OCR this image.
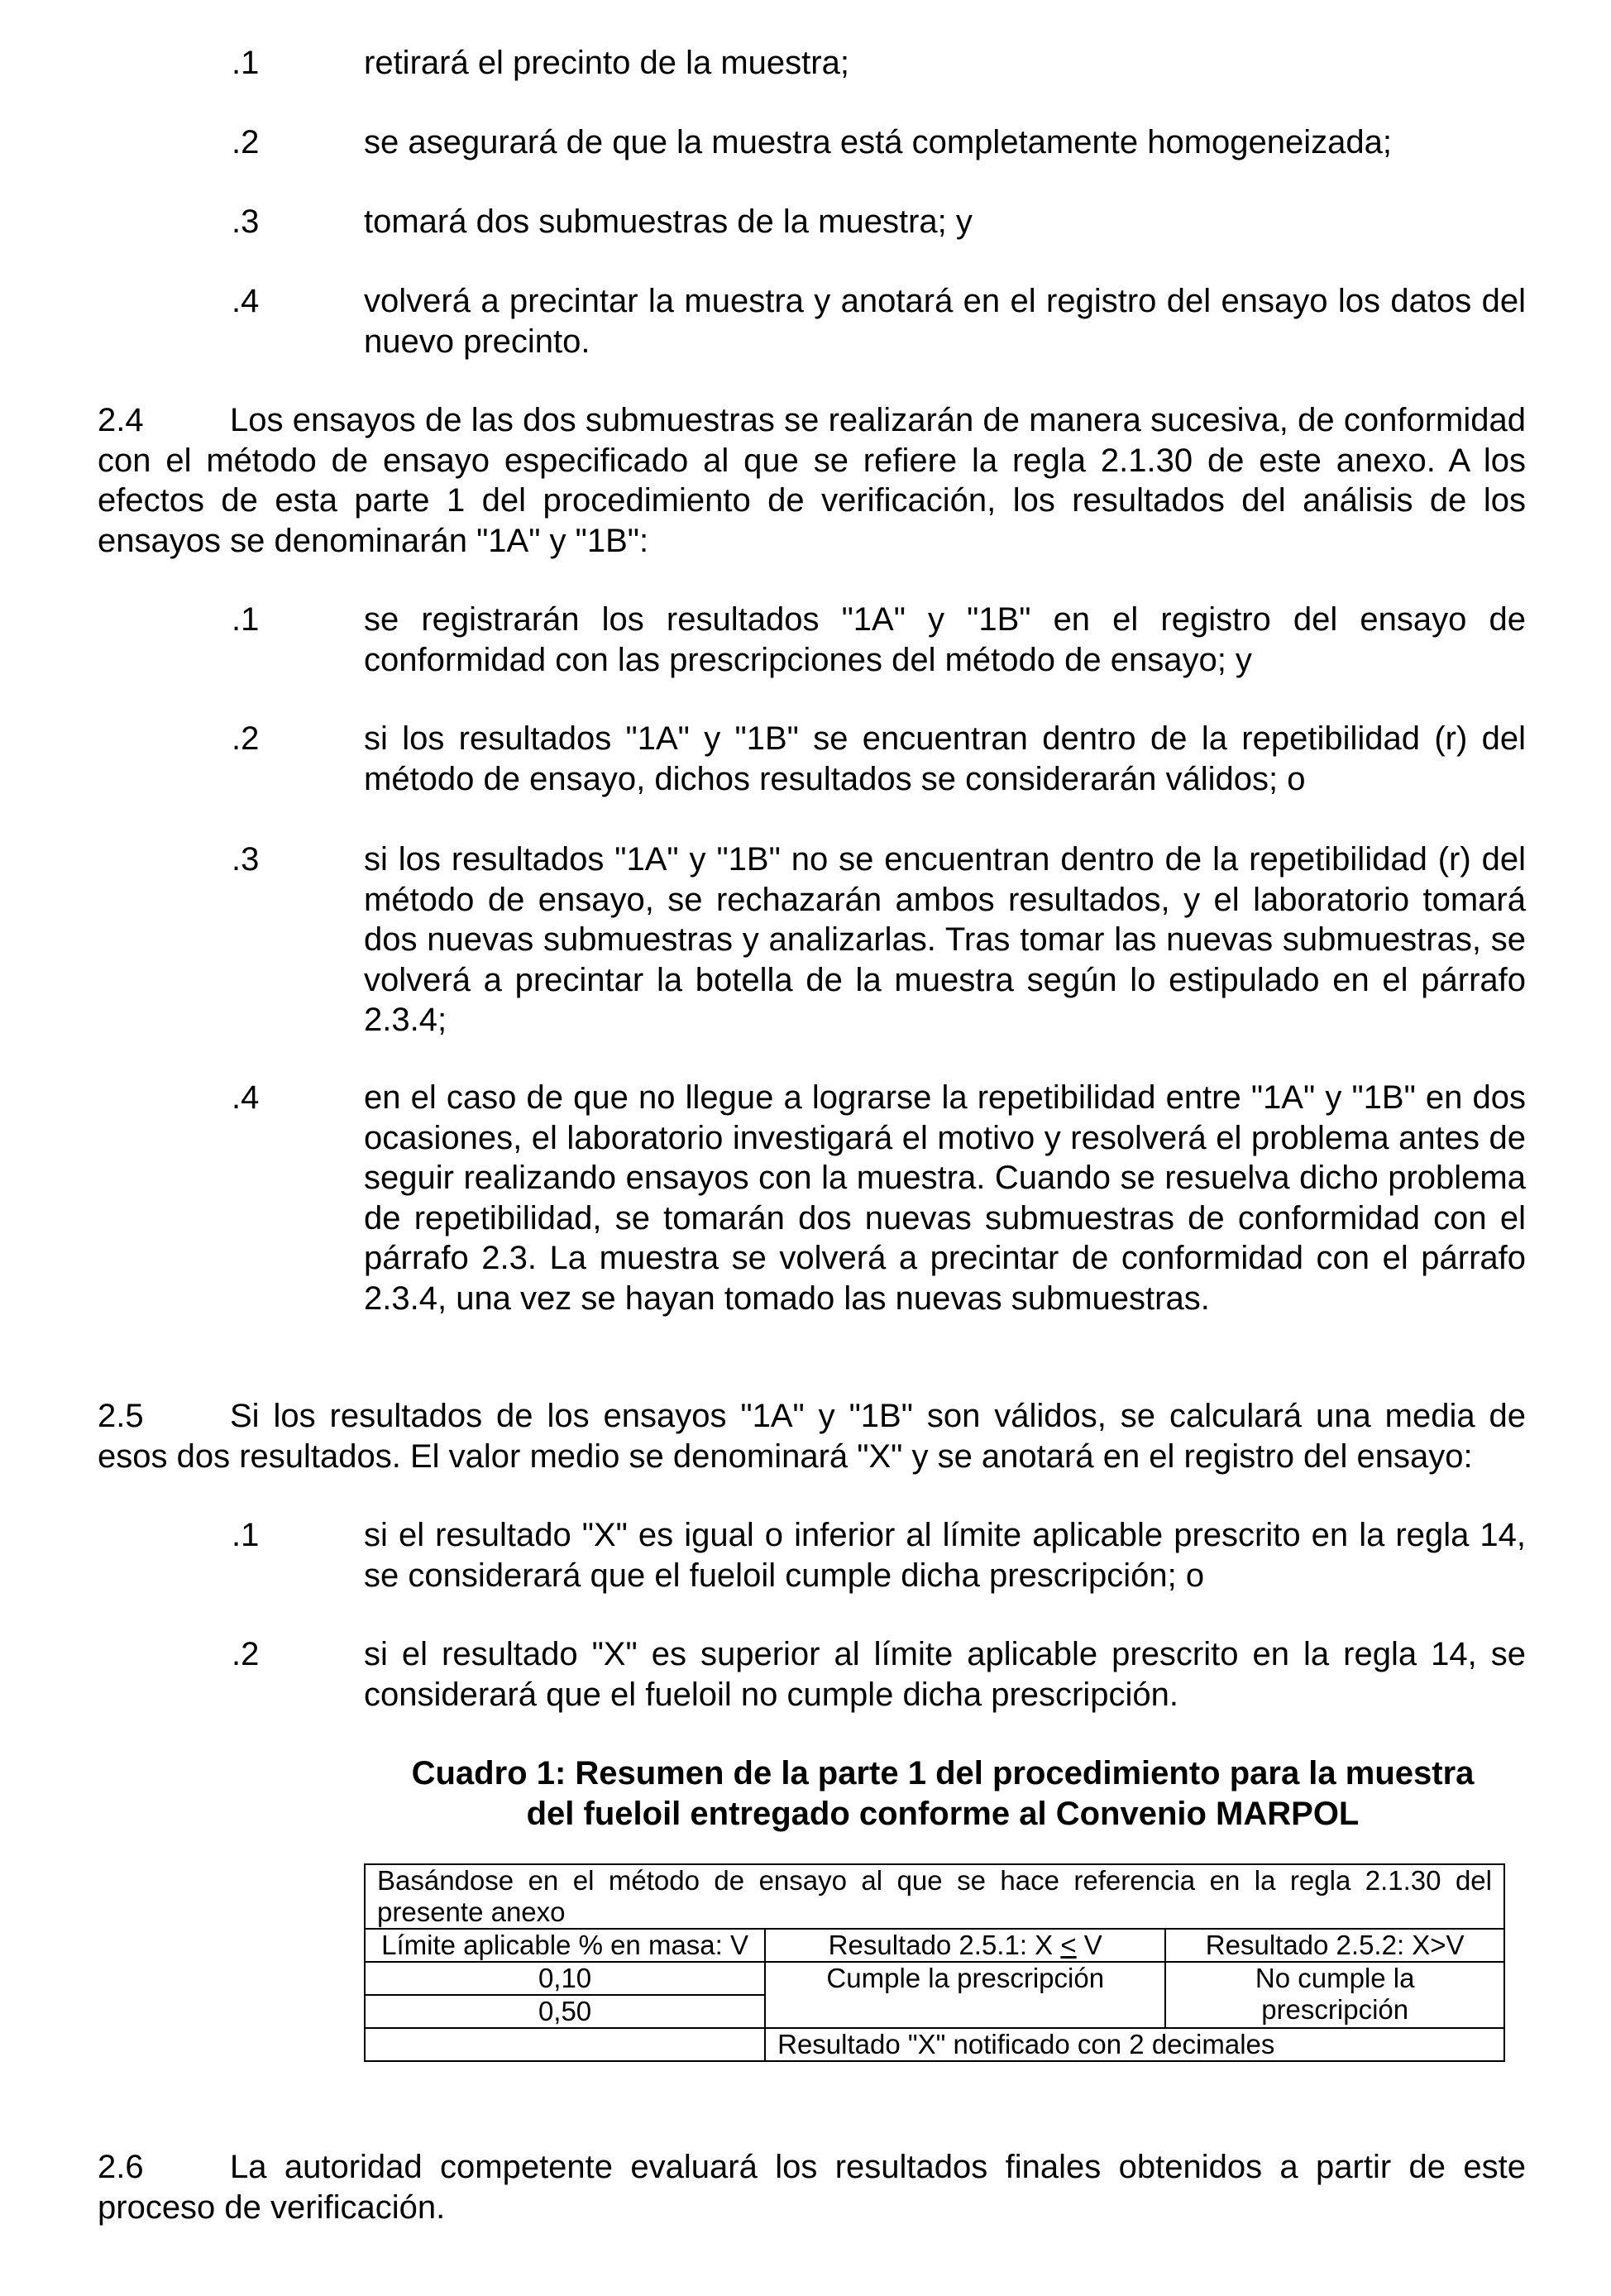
.1	retirará el precinto de la muestra;
.2	se asegurará de que la muestra está completamente homogeneizada;
.3	tomará dos submuestras de la muestra; y
.4	volverá a precintar la muestra y anotará en el registro del ensayo los datos del nuevo precinto.
2.4	Los ensayos de las dos submuestras se realizarán de manera sucesiva, de conformidad con el método de ensayo especificado al que se refiere la regla 2.1.30 de este anexo. A los efectos de esta parte 1 del procedimiento de verificación, los resultados del análisis de los ensayos se denominarán "1A" y "1B":
.1	se registrarán los resultados "1A" y "1B" en el registro del ensayo de conformidad con las prescripciones del método de ensayo; y
.2	si los resultados "1A" y "1B" se encuentran dentro de la repetibilidad (r) del método de ensayo, dichos resultados se considerarán válidos; o
.3	si los resultados "1A" y "1B" no se encuentran dentro de la repetibilidad (r) del método de ensayo, se rechazarán ambos resultados, y el laboratorio tomará dos nuevas submuestras y analizarlas. Tras tomar las nuevas submuestras, se volverá a precintar la botella de la muestra según lo estipulado en el párrafo 2.3.4;
.4	en el caso de que no llegue a lograrse la repetibilidad entre "1A" y "1B" en dos ocasiones, el laboratorio investigará el motivo y resolverá el problema antes de seguir realizando ensayos con la muestra. Cuando se resuelva dicho problema de repetibilidad, se tomarán dos nuevas submuestras de conformidad con el párrafo 2.3. La muestra se volverá a precintar de conformidad con el párrafo 2.3.4, una vez se hayan tomado las nuevas submuestras.
2.5	Si los resultados de los ensayos "1A" y "1B" son válidos, se calculará una media de esos dos resultados. El valor medio se denominará "X" y se anotará en el registro del ensayo:
.1	si el resultado "X" es igual o inferior al límite aplicable prescrito en la regla 14, se considerará que el fueloil cumple dicha prescripción; o
.2	si el resultado "X" es superior al límite aplicable prescrito en la regla 14, se considerará que el fueloil no cumple dicha prescripción.
Cuadro 1: Resumen de la parte 1 del procedimiento para la muestra
del fueloil entregado conforme al Convenio MARPOL
Basándose en el método de ensayo al que se hace referencia en la regla 2.1.30 del presente anexo		
Límite aplicable % en masa: V	Resultado 2.5.1: X ≤ V	Resultado 2.5.2: X>V
0,10	Cumple la prescripción	No cumple la prescripción
0,50		
	Resultado "X" notificado con 2 decimales	
2.6	La autoridad competente evaluará los resultados finales obtenidos a partir de este proceso de verificación.
